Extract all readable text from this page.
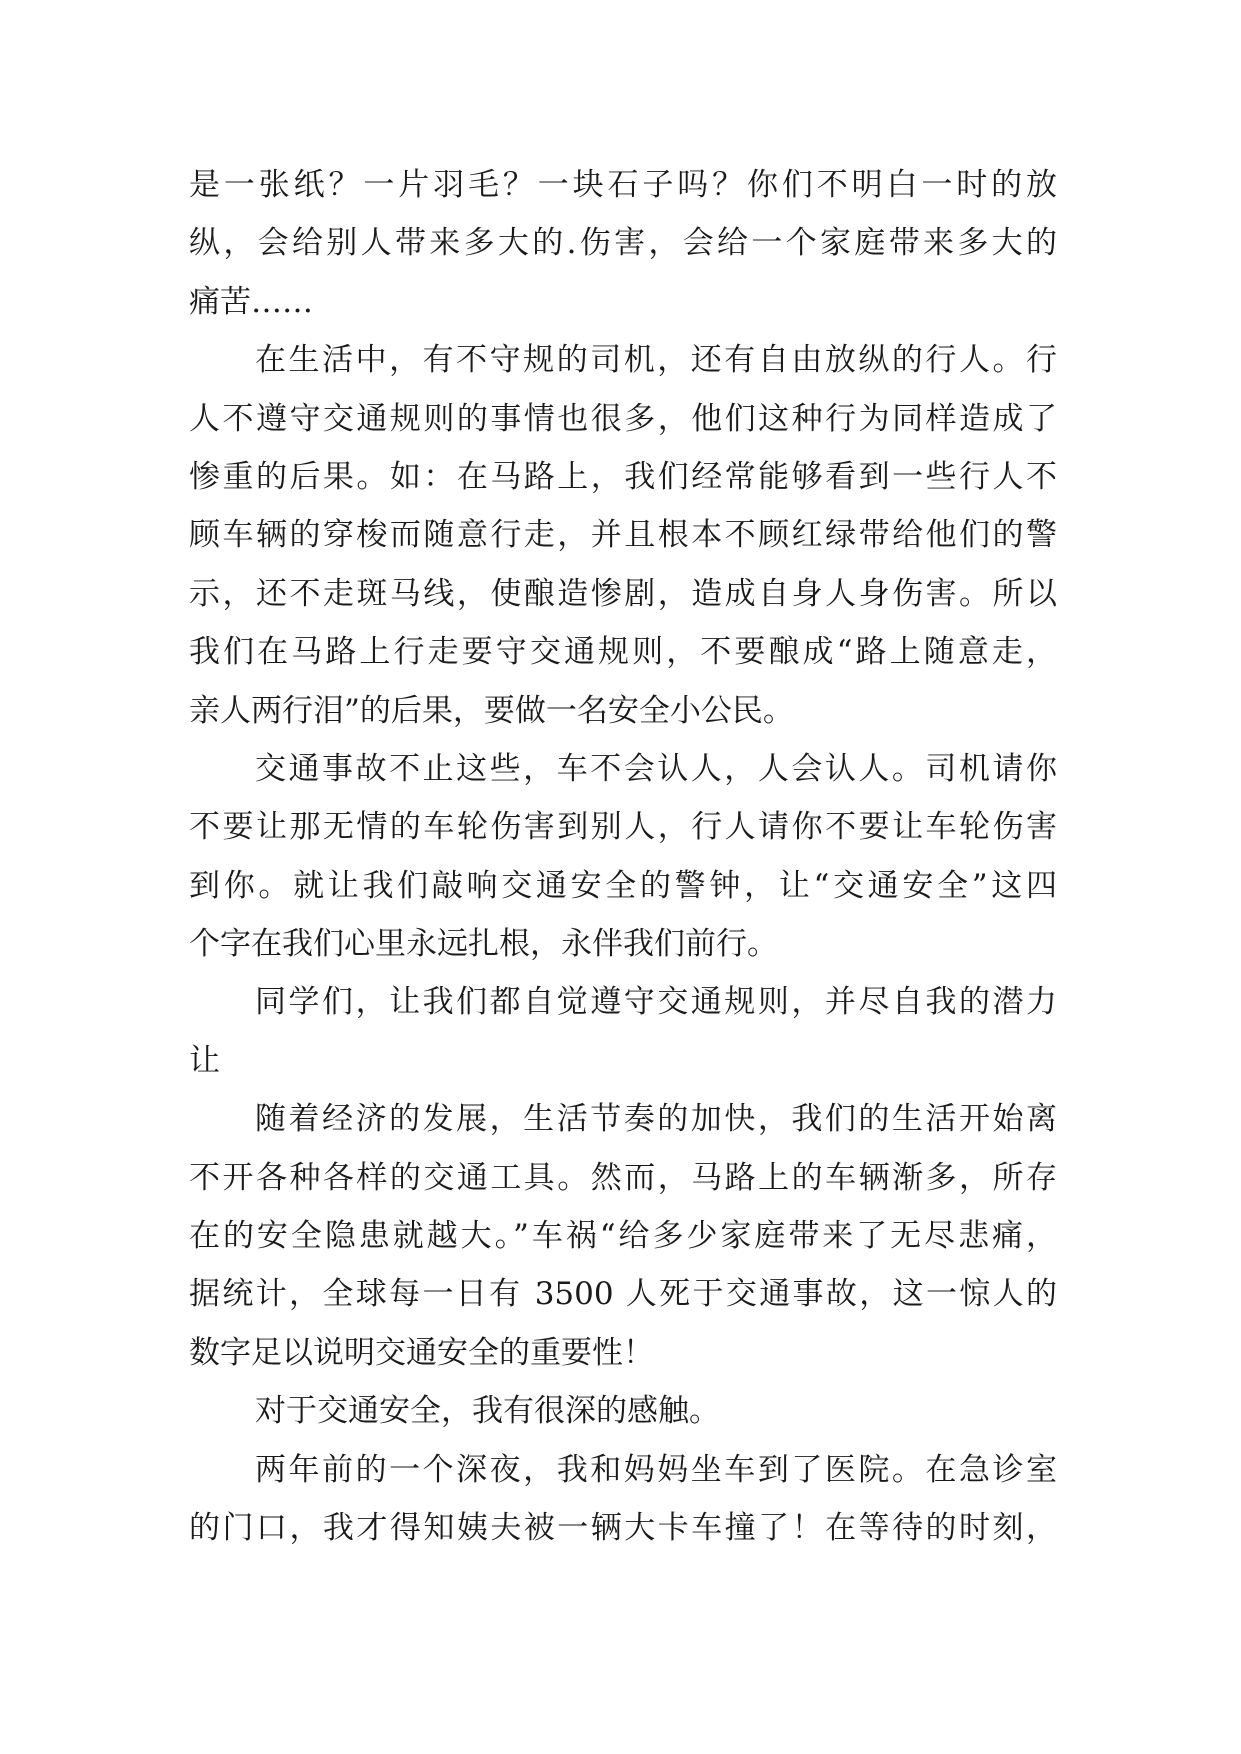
是一张纸？一片羽毛？一块石子吗？你们不明白一时的放
纵，会给别人带来多大的.伤害，会给一个家庭带来多大的
痛苦……

在生活中，有不守规的司机，还有自由放纵的行人。行
人不遵守交通规则的事情也很多，他们这种行为同样造成了
惨重的后果。如：在马路上，我们经常能够看到一些行人不
顾车辆的穿梭而随意行走，并且根本不顾红绿带给他们的警
示，还不走斑马线，使酿造惨剧，造成自身人身伤害。所以
我们在马路上行走要守交通规则，不要酿成“路上随意走，
亲人两行泪”的后果，要做一名安全小公民。

交通事故不止这些，车不会认人，人会认人。司机请你
不要让那无情的车轮伤害到别人，行人请你不要让车轮伤害
到你。就让我们敲响交通安全的警钟，让“交通安全”这四
个字在我们心里永远扎根，永伴我们前行。

同学们，让我们都自觉遵守交通规则，并尽自我的潜力
让

随着经济的发展，生活节奏的加快，我们的生活开始离
不开各种各样的交通工具。然而，马路上的车辆渐多，所存
在的安全隐患就越大。”车祸“给多少家庭带来了无尽悲痛，
据统计，全球每一日有 3500 人死于交通事故，这一惊人的
数字足以说明交通安全的重要性！

对于交通安全，我有很深的感触。

两年前的一个深夜，我和妈妈坐车到了医院。在急诊室
的门口，我才得知姨夫被一辆大卡车撞了！在等待的时刻，
